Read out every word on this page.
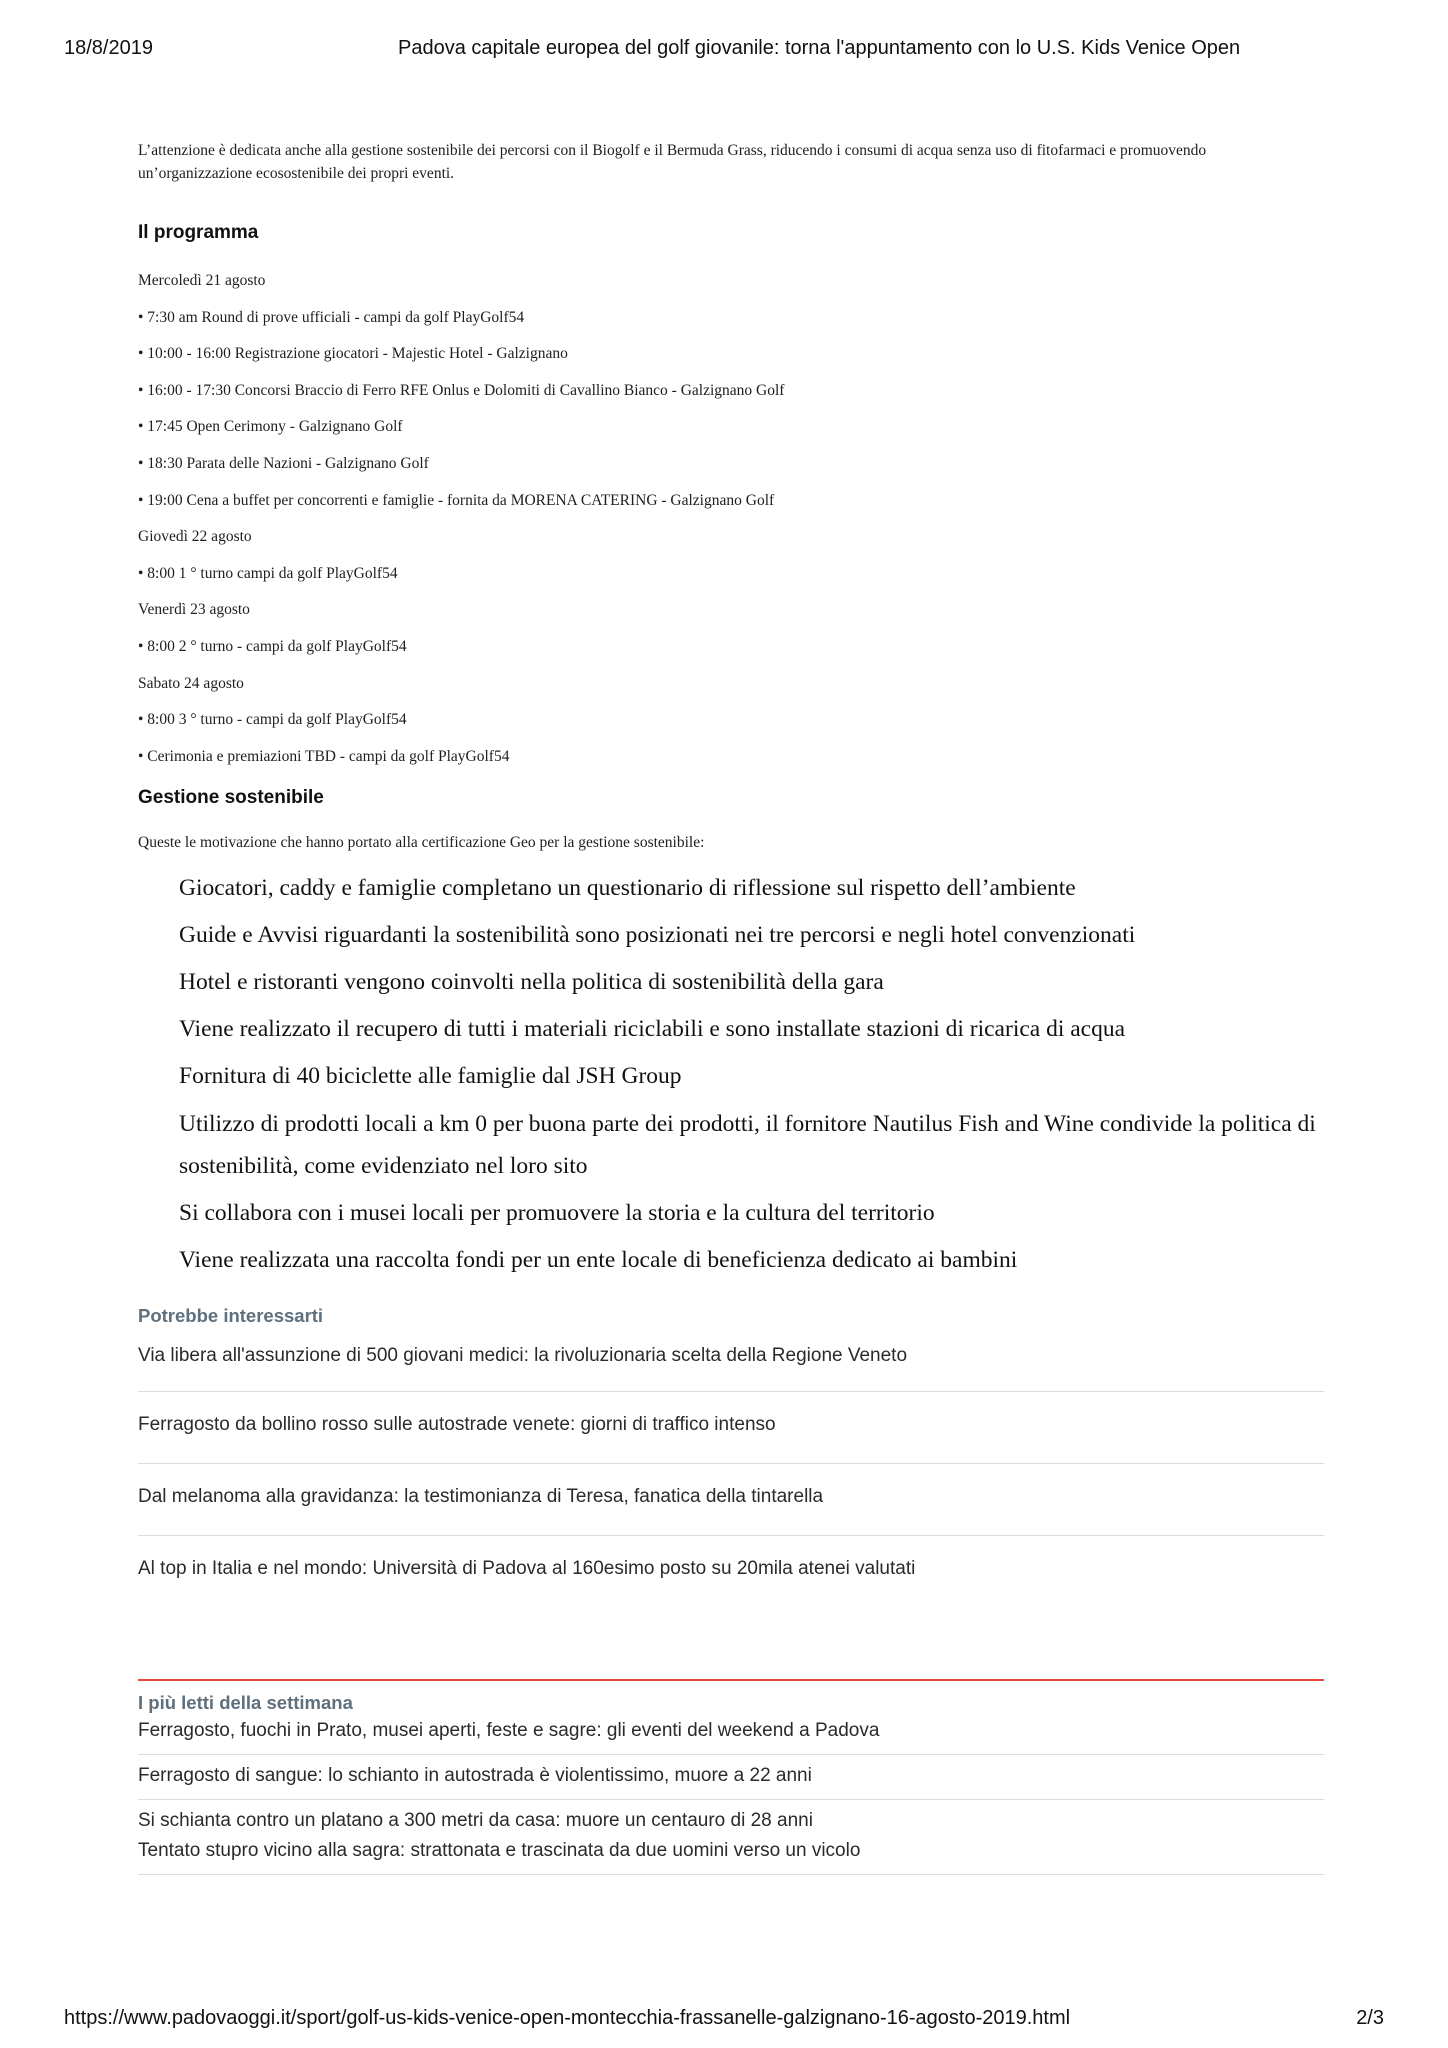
18/8/2019	Padova capitale europea del golf giovanile: torna l'appuntamento con lo U.S. Kids Venice Open

L’attenzione è dedicata anche alla gestione sostenibile dei percorsi con il Biogolf e il Bermuda Grass, riducendo i consumi di acqua senza uso di fitofarmaci e promuovendo un’organizzazione ecosostenibile dei propri eventi.

Il programma
Mercoledì 21 agosto
• 7:30 am Round di prove ufficiali - campi da golf PlayGolf54
• 10:00 - 16:00 Registrazione giocatori - Majestic Hotel - Galzignano
• 16:00 - 17:30 Concorsi Braccio di Ferro RFE Onlus e Dolomiti di Cavallino Bianco - Galzignano Golf
• 17:45 Open Cerimony - Galzignano Golf
• 18:30 Parata delle Nazioni - Galzignano Golf
• 19:00 Cena a buffet per concorrenti e famiglie - fornita da MORENA CATERING - Galzignano Golf
Giovedì 22 agosto
• 8:00 1 ° turno campi da golf PlayGolf54
Venerdì 23 agosto
• 8:00 2 ° turno - campi da golf PlayGolf54
Sabato 24 agosto
• 8:00 3 ° turno - campi da golf PlayGolf54
• Cerimonia e premiazioni TBD - campi da golf PlayGolf54
Gestione sostenibile

Queste le motivazione che hanno portato alla certificazione Geo per la gestione sostenibile:

Giocatori, caddy e famiglie completano un questionario di riflessione sul rispetto dell’ambiente
Guide e Avvisi riguardanti la sostenibilità sono posizionati nei tre percorsi e negli hotel convenzionati
Hotel e ristoranti vengono coinvolti nella politica di sostenibilità della gara
Viene realizzato il recupero di tutti i materiali riciclabili e sono installate stazioni di ricarica di acqua
Fornitura di 40 biciclette alle famiglie dal JSH Group
Utilizzo di prodotti locali a km 0 per buona parte dei prodotti, il fornitore Nautilus Fish and Wine condivide la politica di sostenibilità, come evidenziato nel loro sito
Si collabora con i musei locali per promuovere la storia e la cultura del territorio
Viene realizzata una raccolta fondi per un ente locale di beneficienza dedicato ai bambini
Potrebbe interessarti
Via libera all'assunzione di 500 giovani medici: la rivoluzionaria scelta della Regione Veneto
Ferragosto da bollino rosso sulle autostrade venete: giorni di traffico intenso
Dal melanoma alla gravidanza: la testimonianza di Teresa, fanatica della tintarella
Al top in Italia e nel mondo: Università di Padova al 160esimo posto su 20mila atenei valutati
I più letti della settimana
Ferragosto, fuochi in Prato, musei aperti, feste e sagre: gli eventi del weekend a Padova
Ferragosto di sangue: lo schianto in autostrada è violentissimo, muore a 22 anni
Si schianta contro un platano a 300 metri da casa: muore un centauro di 28 anni
Tentato stupro vicino alla sagra: strattonata e trascinata da due uomini verso un vicolo
https://www.padovaoggi.it/sport/golf-us-kids-venice-open-montecchia-frassanelle-galzignano-16-agosto-2019.html	2/3
